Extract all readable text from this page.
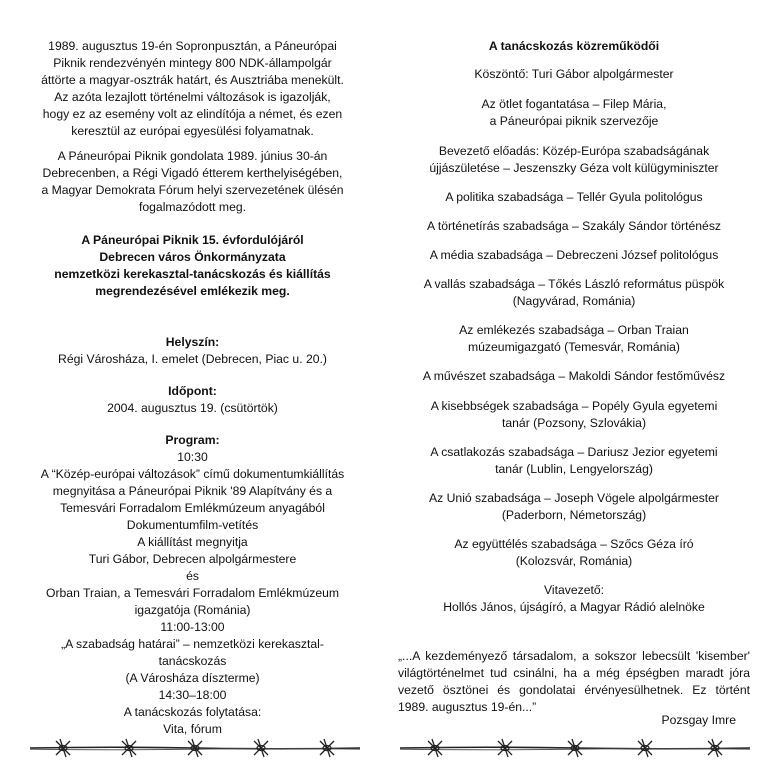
1989. augusztus 19-én Sopronpusztán, a Páneurópai
Piknik rendezvényén mintegy 800 NDK-állampolgár
áttörte a magyar-osztrák határt, és Ausztriába menekült.
Az azóta lezajlott történelmi változások is igazolják,
hogy ez az esemény volt az elindítója a német, és ezen
keresztül az európai egyesülési folyamatnak.
A Páneurópai Piknik gondolata 1989. június 30-án
Debrecenben, a Régi Vigadó étterem kerthelyiségében,
a Magyar Demokrata Fórum helyi szervezetének ülésén
fogalmazódott meg.
A Páneurópai Piknik 15. évfordulójáról
Debrecen város Önkormányzata
nemzetközi kerekasztal-tanácskozás és kiállítás
megrendezésével emlékezik meg.
Helyszín:
Régi Városháza, I. emelet (Debrecen, Piac u. 20.)
Időpont:
2004. augusztus 19. (csütörtök)
Program:
10:30
A “Közép-európai változások” című dokumentumkiállítás
megnyitása a Páneurópai Piknik '89 Alapítvány és a
Temesvári Forradalom Emlékmúzeum anyagából
Dokumentumfilm-vetítés
A kiállítást megnyitja
Turi Gábor, Debrecen alpolgármestere
és
Orban Traian, a Temesvári Forradalom Emlékmúzeum
igazgatója (Románia)
11:00-13:00
„A szabadság határai” – nemzetközi kerekasztal-
tanácskozás
(A Városháza díszterme)
14:30–18:00
A tanácskozás folytatása:
Vita, fórum
A tanácskozás közreműködői
Köszöntő: Turi Gábor alpolgármester
Az ötlet fogantatása – Filep Mária,
a Páneurópai piknik szervezője
Bevezető előadás: Közép-Európa szabadságának
újjászületése – Jeszenszky Géza volt külügyminiszter
A politika szabadsága – Tellér Gyula politológus
A történetírás szabadsága – Szakály Sándor történész
A média szabadsága – Debreczeni József politológus
A vallás szabadsága – Tőkés László református püspök
(Nagyvárad, Románia)
Az emlékezés szabadsága – Orban Traian
múzeumigazgató (Temesvár, Románia)
A művészet szabadsága – Makoldi Sándor festőművész
A kisebbségek szabadsága – Popély Gyula egyetemi
tanár (Pozsony, Szlovákia)
A csatlakozás szabadsága – Dariusz Jezior egyetemi
tanár (Lublin, Lengyelország)
Az Unió szabadsága – Joseph Vögele alpolgármester
(Paderborn, Németország)
Az együttélés szabadsága – Szőcs Géza író
(Kolozsvár, Románia)
Vitavezető:
Hollós János, újságíró, a Magyar Rádió alelnöke
„...A kezdeményező társadalom, a sokszor lebecsült 'kisember' világtörténelmet tud csinálni, ha a még épségben maradt jóra vezető ösztönei és gondolatai érvényesülhetnek. Ez történt 1989. augusztus 19-én...”
Pozsgay Imre
